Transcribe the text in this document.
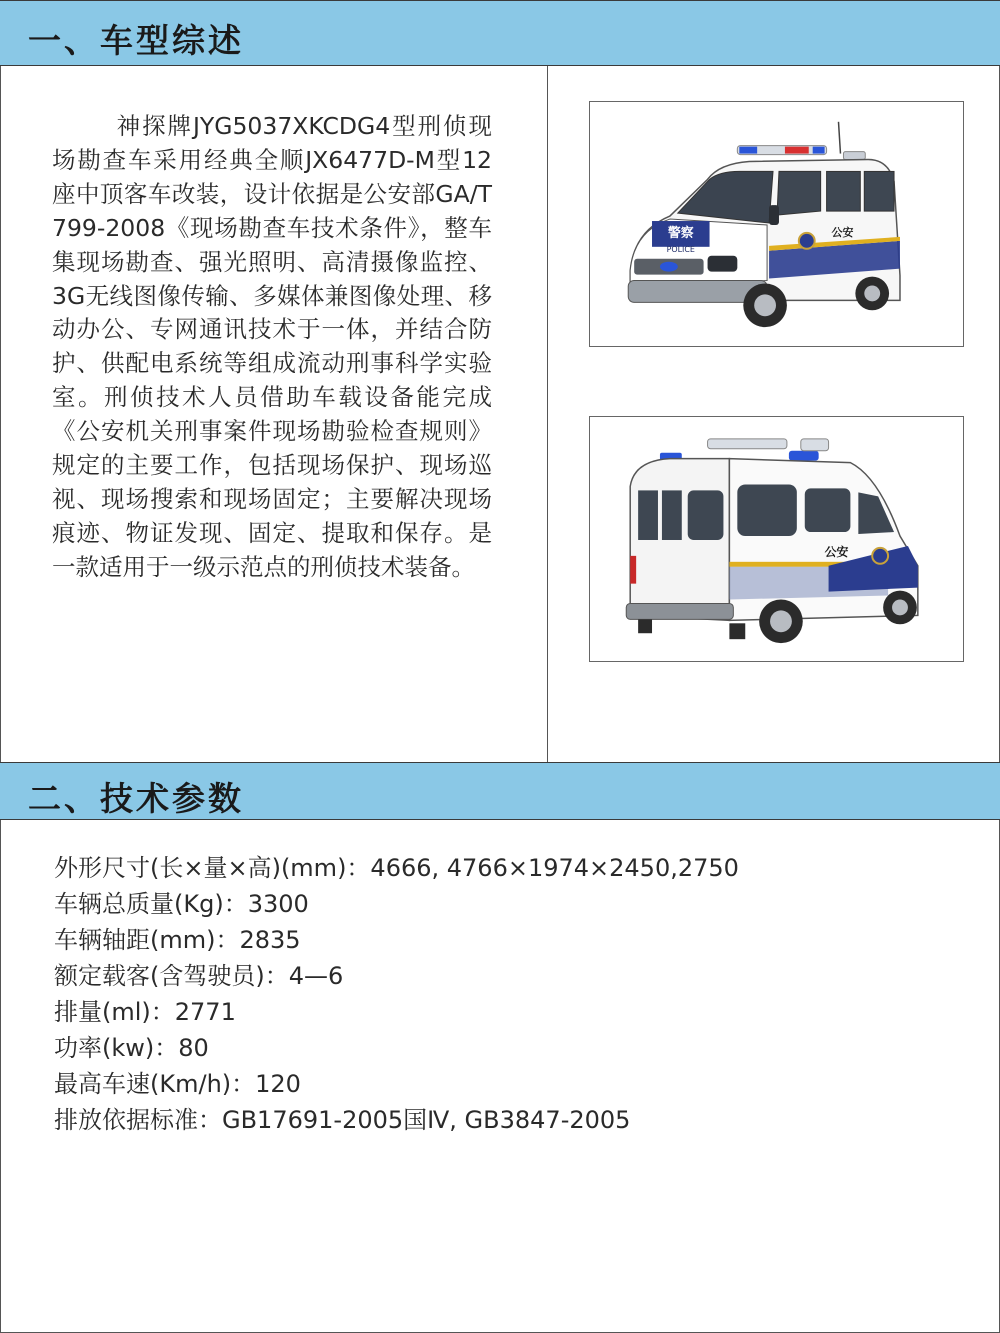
一、车型综述

神探牌JYG5037XKCDG4型刑侦现场勘查车采用经典全顺JX6477D-M型12座中顶客车改装，设计依据是公安部GA/T 799-2008《现场勘查车技术条件》，整车集现场勘查、强光照明、高清摄像监控、3G无线图像传输、多媒体兼图像处理、移动办公、专网通讯技术于一体，并结合防护、供配电系统等组成流动刑事科学实验室。刑侦技术人员借助车载设备能完成《公安机关刑事案件现场勘验检查规则》规定的主要工作，包括现场保护、现场巡视、现场搜索和现场固定；主要解决现场痕迹、物证发现、固定、提取和保存。是一款适用于一级示范点的刑侦技术装备。

警察
POLICE
公安
公安
二、技术参数
外形尺寸(长×量×高)(mm)：4666, 4766×1974×2450,2750
车辆总质量(Kg)：3300
车辆轴距(mm)：2835
额定载客(含驾驶员)：4—6
排量(ml)：2771
功率(kw)：80
最高车速(Km/h)：120
排放依据标准：GB17691-2005国Ⅳ, GB3847-2005
